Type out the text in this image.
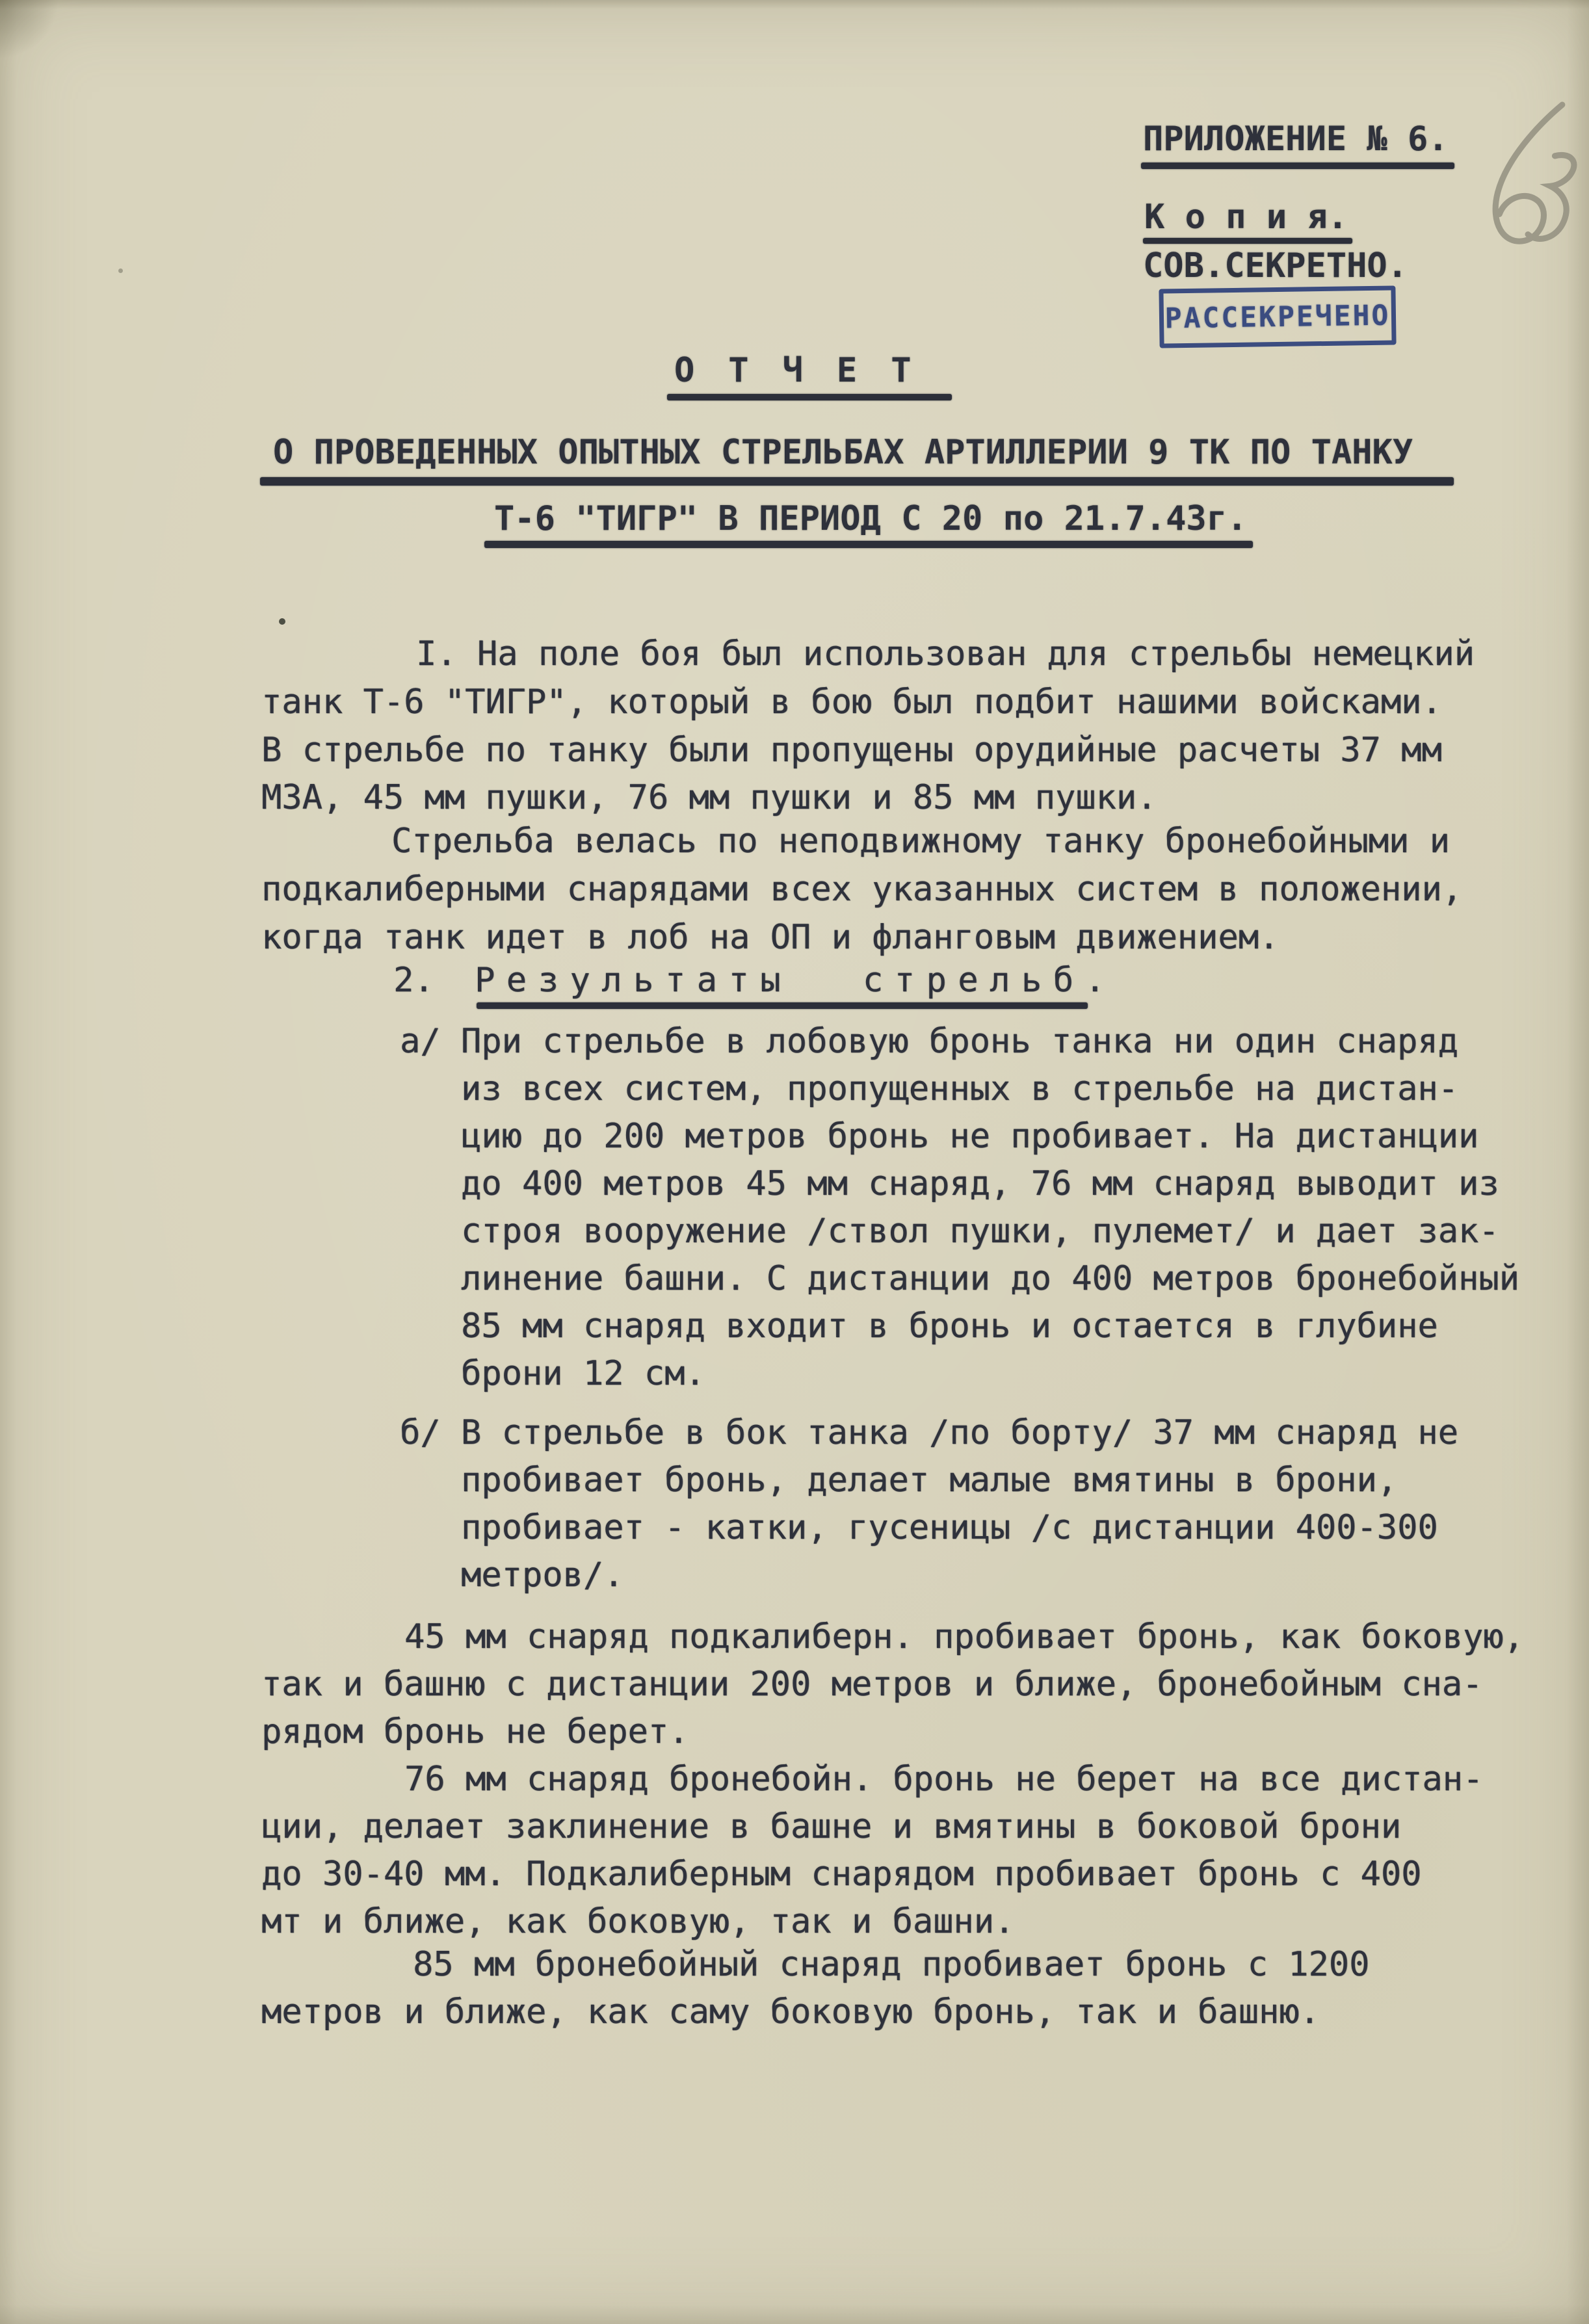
ПРИЛОЖЕНИЕ № 6.
К о п и я.
СОВ.СЕКРЕТНО.
РАССЕКРЕЧЕНО
ОТЧЕТ
О ПРОВЕДЕННЫХ ОПЫТНЫХ СТРЕЛЬБАХ АРТИЛЛЕРИИ 9 ТК ПО ТАНКУ
Т-6 "ТИГР" В ПЕРИОД С 20 по 21.7.43г.
I. На поле боя был использован для стрельбы немецкий
танк Т-6 "ТИГР", который в бою был подбит нашими войсками.
В стрельбе по танку были пропущены орудийные расчеты 37 мм
МЗА, 45 мм пушки, 76 мм пушки и 85 мм пушки.
Стрельба велась по неподвижному танку бронебойными и
подкалиберными снарядами всех указанных систем в положении,
когда танк идет в лоб на ОП и фланговым движением.
2. Результаты стрельб.
а/ При стрельбе в лобовую бронь танка ни один снаряд
из всех систем, пропущенных в стрельбе на дистан-
цию до 200 метров бронь не пробивает. На дистанции
до 400 метров 45 мм снаряд, 76 мм снаряд выводит из
строя вооружение /ствол пушки, пулемет/ и дает зак-
линение башни. С дистанции до 400 метров бронебойный
85 мм снаряд входит в бронь и остается в глубине
брони 12 см.
б/ В стрельбе в бок танка /по борту/ 37 мм снаряд не
пробивает бронь, делает малые вмятины в брони,
пробивает - катки, гусеницы /с дистанции 400-300
метров/.
45 мм снаряд подкалиберн. пробивает бронь, как боковую,
так и башню с дистанции 200 метров и ближе, бронебойным сна-
рядом бронь не берет.
76 мм снаряд бронебойн. бронь не берет на все дистан-
ции, делает заклинение в башне и вмятины в боковой брони
до 30-40 мм. Подкалиберным снарядом пробивает бронь с 400
мт и ближе, как боковую, так и башни.
85 мм бронебойный снаряд пробивает бронь с 1200
метров и ближе, как саму боковую бронь, так и башню.
